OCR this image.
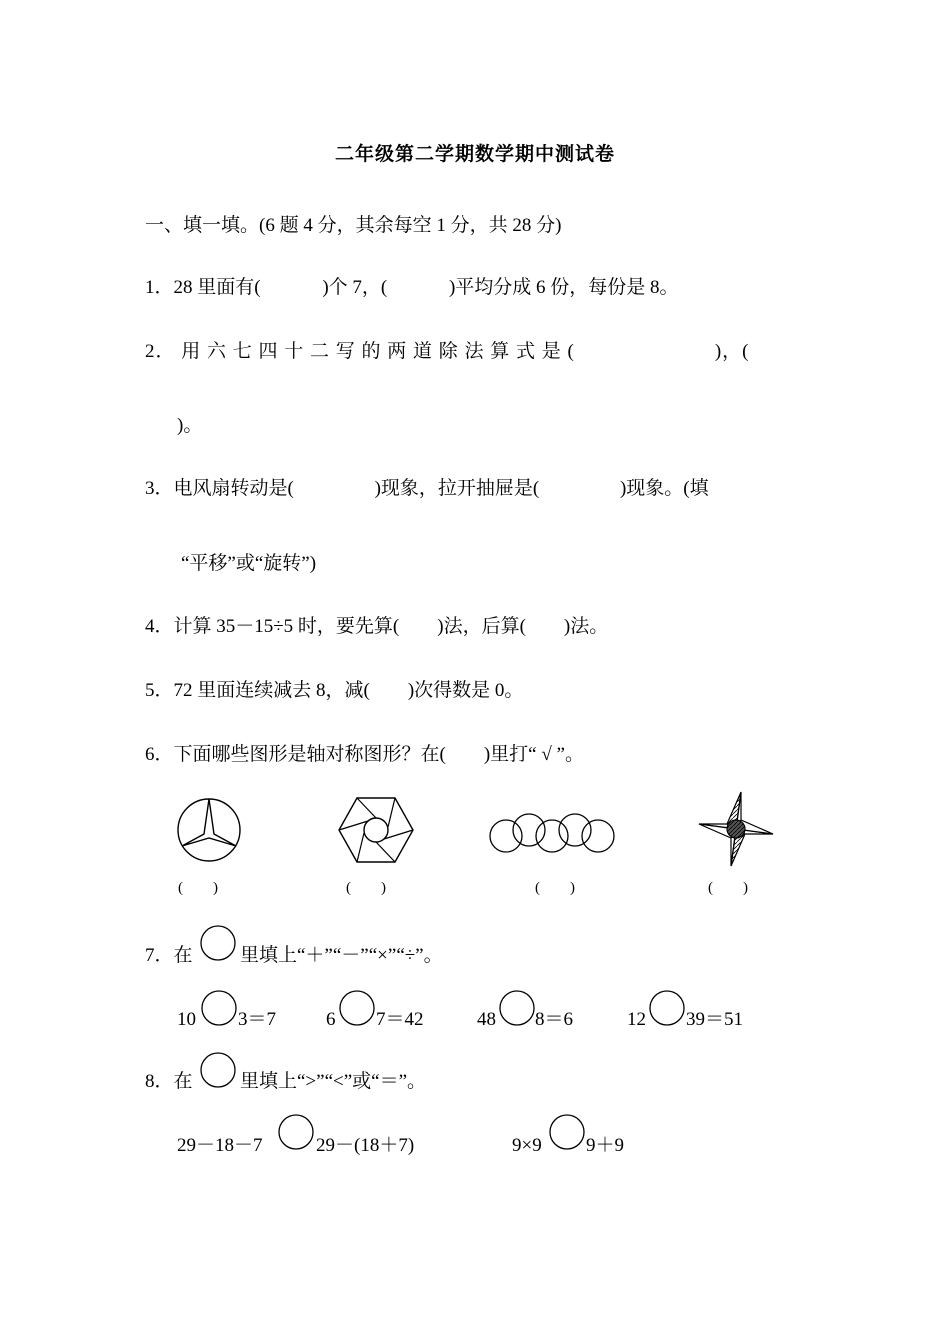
二年级第二学期数学期中测试卷
一、填一填。(6 题 4 分，其余每空 1 分，共 28 分)
1．28 里面有(　　　 )个 7，(　　　 )平均分成 6 份，每份是 8。
2． 用 六 七 四 十 二 写 的 两 道 除 法 算 式 是 (　　　　　　　)，(
)。
3．电风扇转动是(　　　　 )现象，拉开抽屉是(　　　　 )现象。(填
“平移”或“旋转”)
4．计算 35－15÷5 时，要先算(　　)法，后算(　　)法。
5．72 里面连续减去 8，减(　　)次得数是 0。
6．下面哪些图形是轴对称图形？在(　　)里打“ √ ”。
(　　)	(　　)	(　　)	(　　)
7．在 里填上“＋”“－”“×”“÷”。
10 3＝7	6 7＝42	48 8＝6	12 39＝51
8．在 里填上“>”“<”或“＝”。
29－18－7	29－(18＋7)	9×9 9＋9
